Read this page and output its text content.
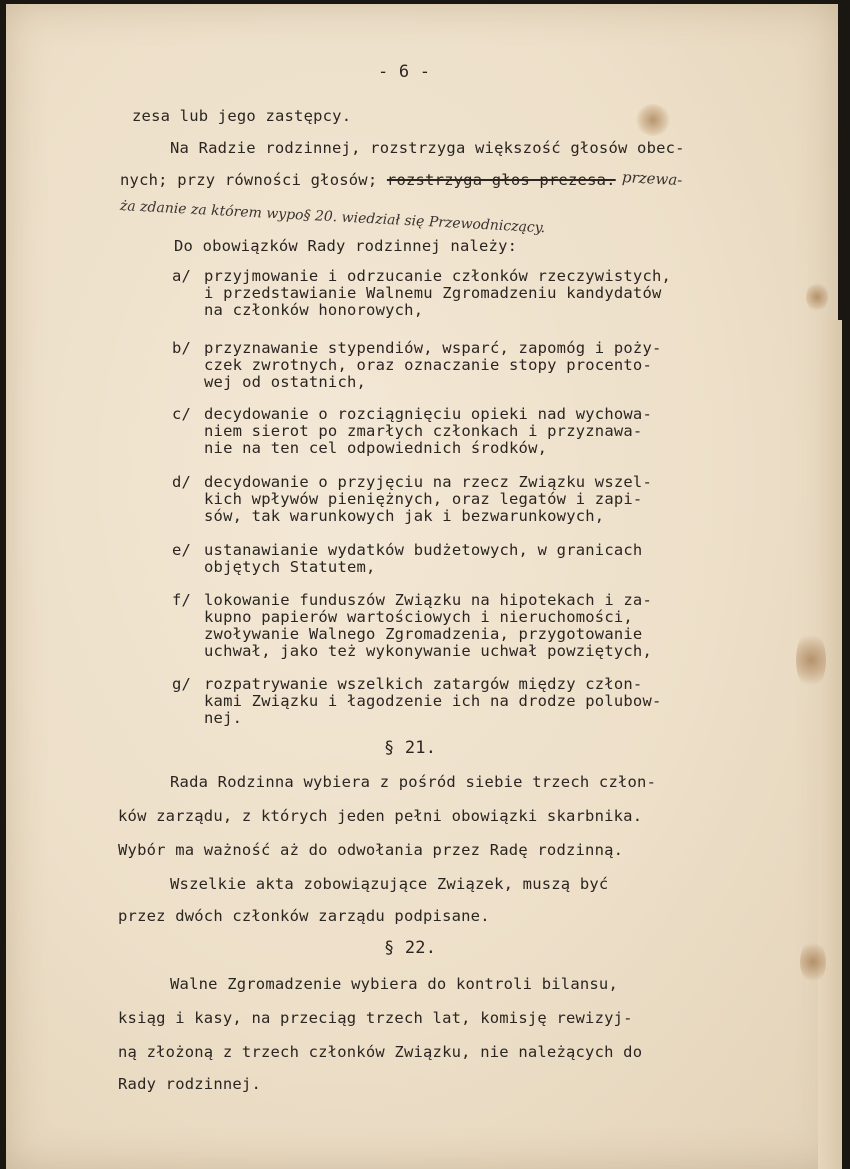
- 6 -
zesa lub jego zastępcy.
Na Radzie rodzinnej, rozstrzyga większość głosów obec-
nych; przy równości głosów; rozstrzyga głos prezesa. przewa-
ża zdanie za którem wypo§ 20. wiedział się Przewodniczący.
Do obowiązków Rady rodzinnej należy:
a/ przyjmowanie i odrzucanie członków rzeczywistych,
i przedstawianie Walnemu Zgromadzeniu kandydatów
na członków honorowych,
b/ przyznawanie stypendiów, wsparć, zapomóg i poży-
czek zwrotnych, oraz oznaczanie stopy procento-
wej od ostatnich,
c/ decydowanie o rozciągnięciu opieki nad wychowa-
niem sierot po zmarłych członkach i przyznawa-
nie na ten cel odpowiednich środków,
d/ decydowanie o przyjęciu na rzecz Związku wszel-
kich wpływów pieniężnych, oraz legatów i zapi-
sów, tak warunkowych jak i bezwarunkowych,
e/ ustanawianie wydatków budżetowych, w granicach
objętych Statutem,
f/ lokowanie funduszów Związku na hipotekach i za-
kupno papierów wartościowych i nieruchomości,
zwoływanie Walnego Zgromadzenia, przygotowanie
uchwał, jako też wykonywanie uchwał powziętych,
g/ rozpatrywanie wszelkich zatargów między człon-
kami Związku i łagodzenie ich na drodze polubow-
nej.
§ 21.
Rada Rodzinna wybiera z pośród siebie trzech człon-
ków zarządu, z których jeden pełni obowiązki skarbnika.
Wybór ma ważność aż do odwołania przez Radę rodzinną.
Wszelkie akta zobowiązujące Związek, muszą być
przez dwóch członków zarządu podpisane.
§ 22.
Walne Zgromadzenie wybiera do kontroli bilansu,
ksiąg i kasy, na przeciąg trzech lat, komisję rewizyj-
ną złożoną z trzech członków Związku, nie należących do
Rady rodzinnej.
